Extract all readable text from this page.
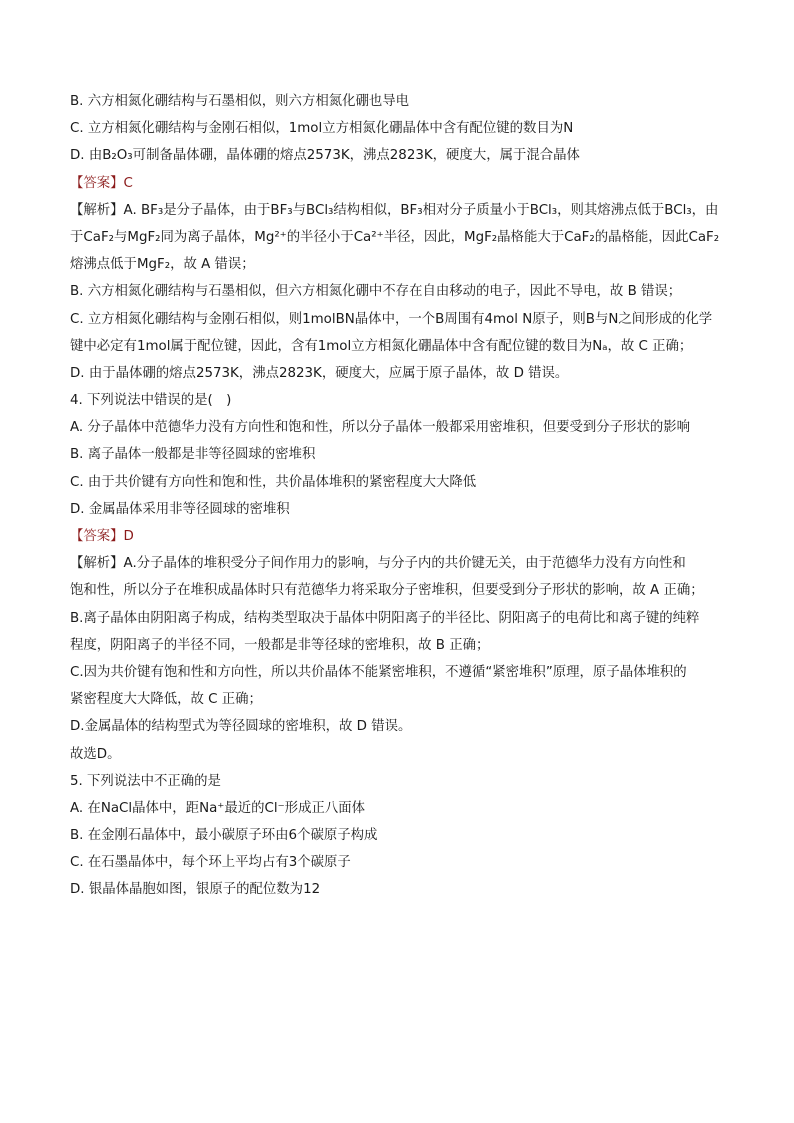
B. 六方相氮化硼结构与石墨相似，则六方相氮化硼也导电
C. 立方相氮化硼结构与金刚石相似，1mol立方相氮化硼晶体中含有配位键的数目为N
D. 由B₂O₃可制备晶体硼，晶体硼的熔点2573K，沸点2823K，硬度大，属于混合晶体
【答案】C
【解析】A. BF₃是分子晶体，由于BF₃与BCl₃结构相似，BF₃相对分子质量小于BCl₃，则其熔沸点低于BCl₃，由
于CaF₂与MgF₂同为离子晶体，Mg²⁺的半径小于Ca²⁺半径，因此，MgF₂晶格能大于CaF₂的晶格能，因此CaF₂
熔沸点低于MgF₂，故 A 错误；
B. 六方相氮化硼结构与石墨相似，但六方相氮化硼中不存在自由移动的电子，因此不导电，故 B 错误；
C. 立方相氮化硼结构与金刚石相似，则1molBN晶体中，一个B周围有4mol N原子，则B与N之间形成的化学
键中必定有1mol属于配位键，因此，含有1mol立方相氮化硼晶体中含有配位键的数目为Nₐ，故 C 正确；
D. 由于晶体硼的熔点2573K，沸点2823K，硬度大，应属于原子晶体，故 D 错误。
4. 下列说法中错误的是(　)
A. 分子晶体中范德华力没有方向性和饱和性，所以分子晶体一般都采用密堆积，但要受到分子形状的影响
B. 离子晶体一般都是非等径圆球的密堆积
C. 由于共价键有方向性和饱和性，共价晶体堆积的紧密程度大大降低
D. 金属晶体采用非等径圆球的密堆积
【答案】D
【解析】A.分子晶体的堆积受分子间作用力的影响，与分子内的共价键无关，由于范德华力没有方向性和
饱和性，所以分子在堆积成晶体时只有范德华力将采取分子密堆积，但要受到分子形状的影响，故 A 正确；
B.离子晶体由阴阳离子构成，结构类型取决于晶体中阴阳离子的半径比、阴阳离子的电荷比和离子键的纯粹
程度，阴阳离子的半径不同，一般都是非等径球的密堆积，故 B 正确；
C.因为共价键有饱和性和方向性，所以共价晶体不能紧密堆积，不遵循“紧密堆积”原理，原子晶体堆积的
紧密程度大大降低，故 C 正确；
D.金属晶体的结构型式为等径圆球的密堆积，故 D 错误。
故选D。
5. 下列说法中不正确的是
A. 在NaCl晶体中，距Na⁺最近的Cl⁻形成正八面体
B. 在金刚石晶体中，最小碳原子环由6个碳原子构成
C. 在石墨晶体中，每个环上平均占有3个碳原子
D. 银晶体晶胞如图，银原子的配位数为12
